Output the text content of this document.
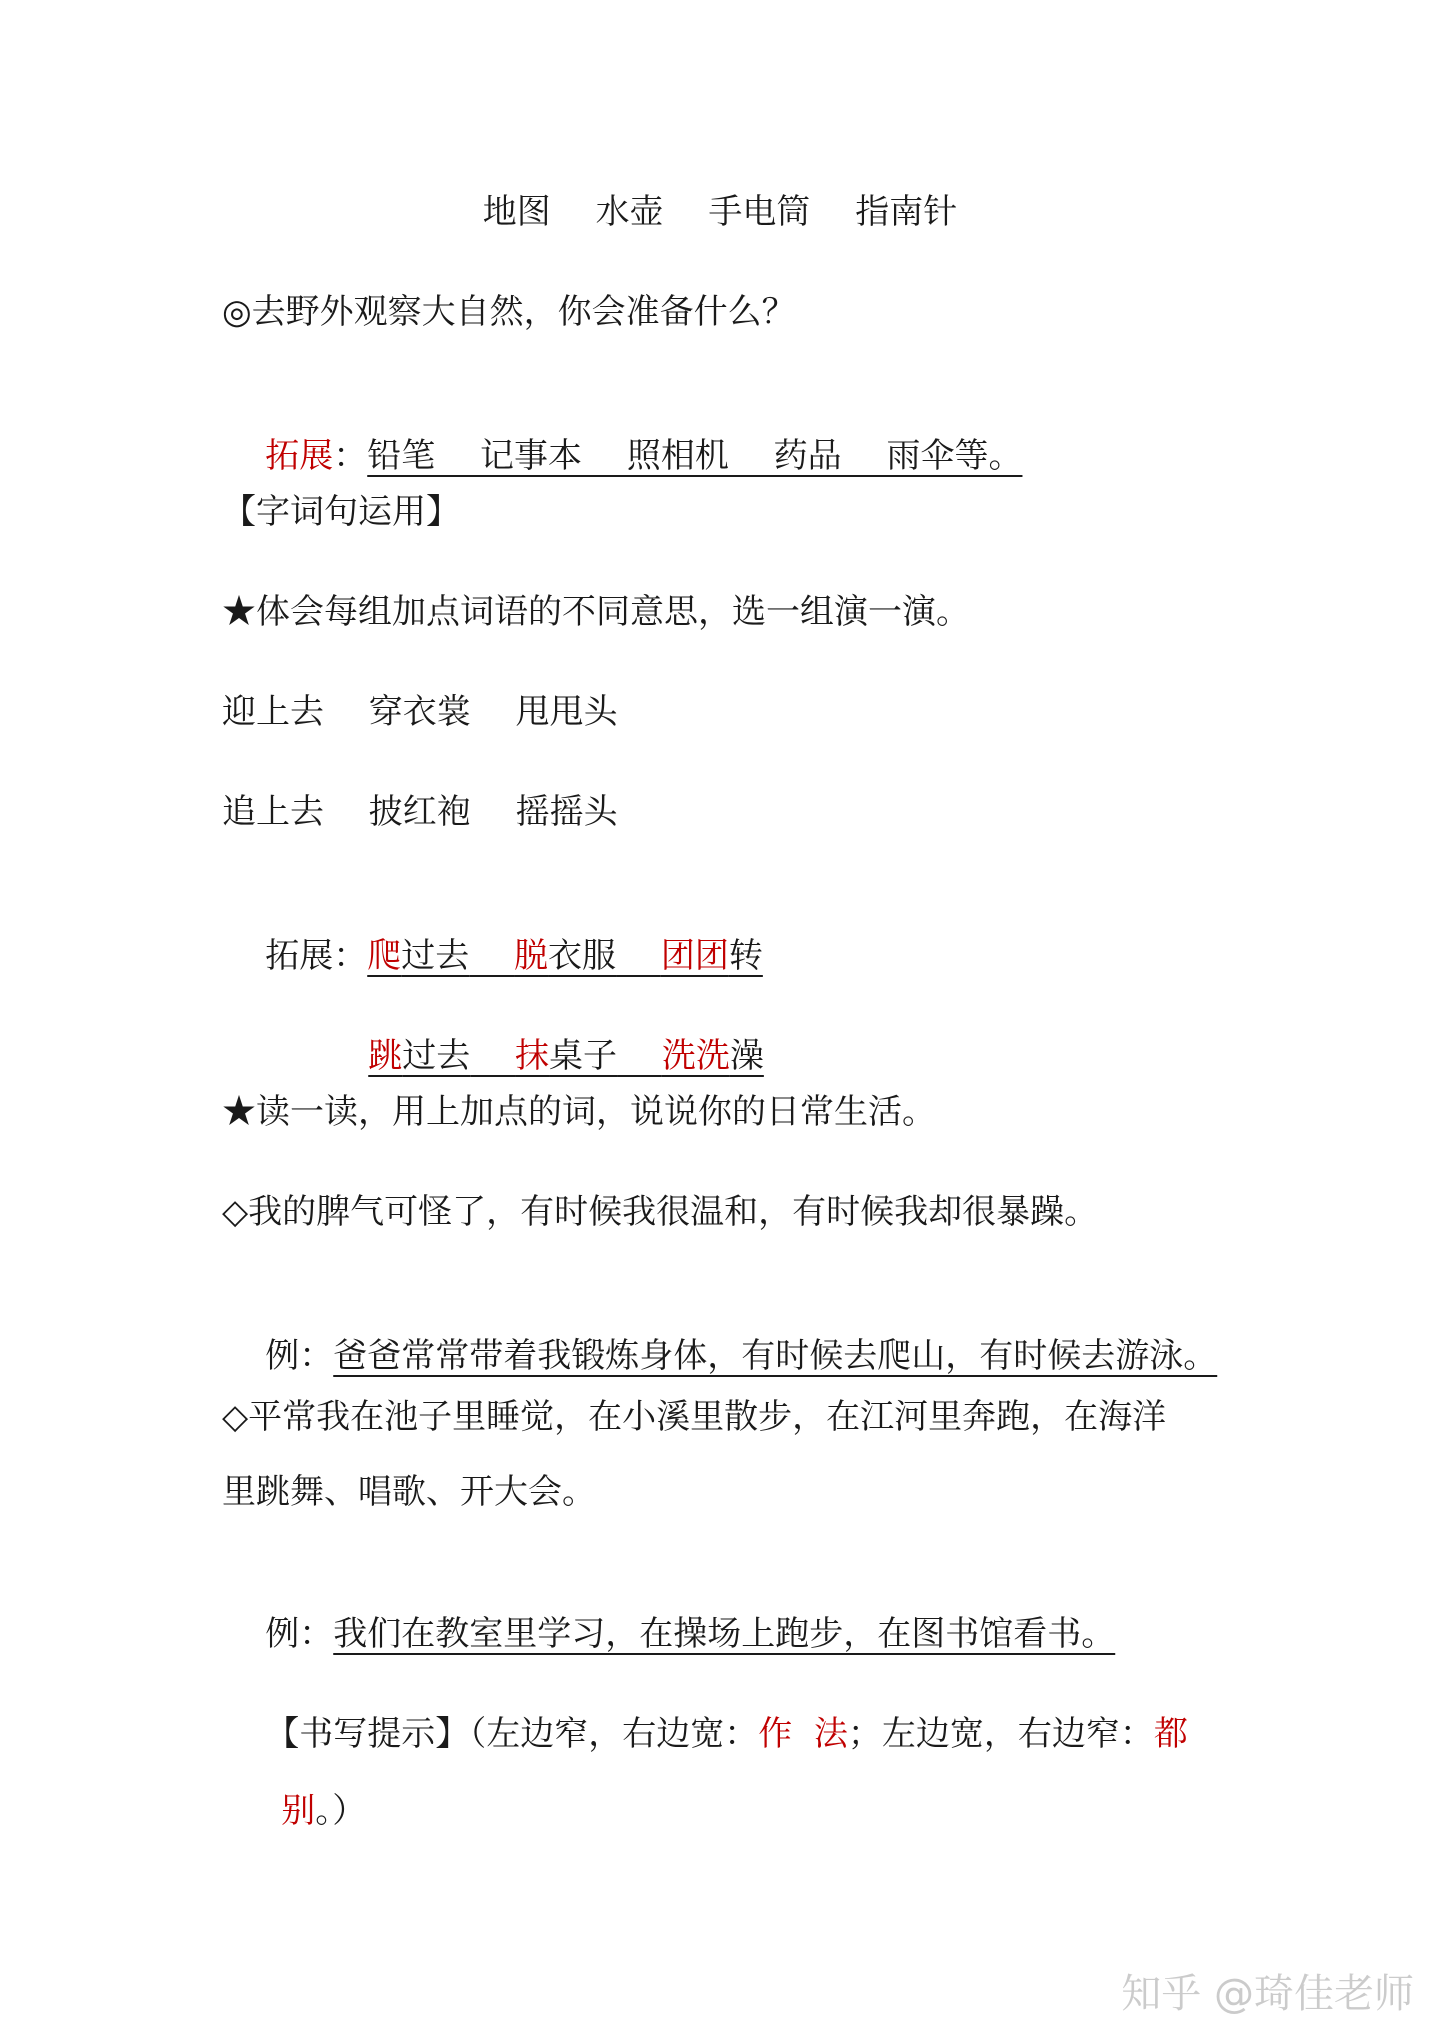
地图　 水壶　 手电筒　 指南针
◎去野外观察大自然，你会准备什么？

拓展：铅笔　 记事本　 照相机　 药品　 雨伞等。

【字词句运用】
★体会每组加点词语的不同意思，选一组演一演。
迎上去　 穿衣裳　 甩甩头
追上去　 披红袍　 摇摇头

拓展：爬过去　 脱衣服　 团团转

跳过去　 抹桌子　 洗洗澡

★读一读，用上加点的词，说说你的日常生活。
◇我的脾气可怪了，有时候我很温和，有时候我却很暴躁。

例：爸爸常常带着我锻炼身体，有时候去爬山，有时候去游泳。

◇平常我在池子里睡觉，在小溪里散步，在江河里奔跑，在海洋
里跳舞、唱歌、开大会。

例：我们在教室里学习，在操场上跑步，在图书馆看书。

【书写提示】（左边窄，右边宽：作  法；左边宽，右边窄：都

别。）

知乎 @琦佳老师
